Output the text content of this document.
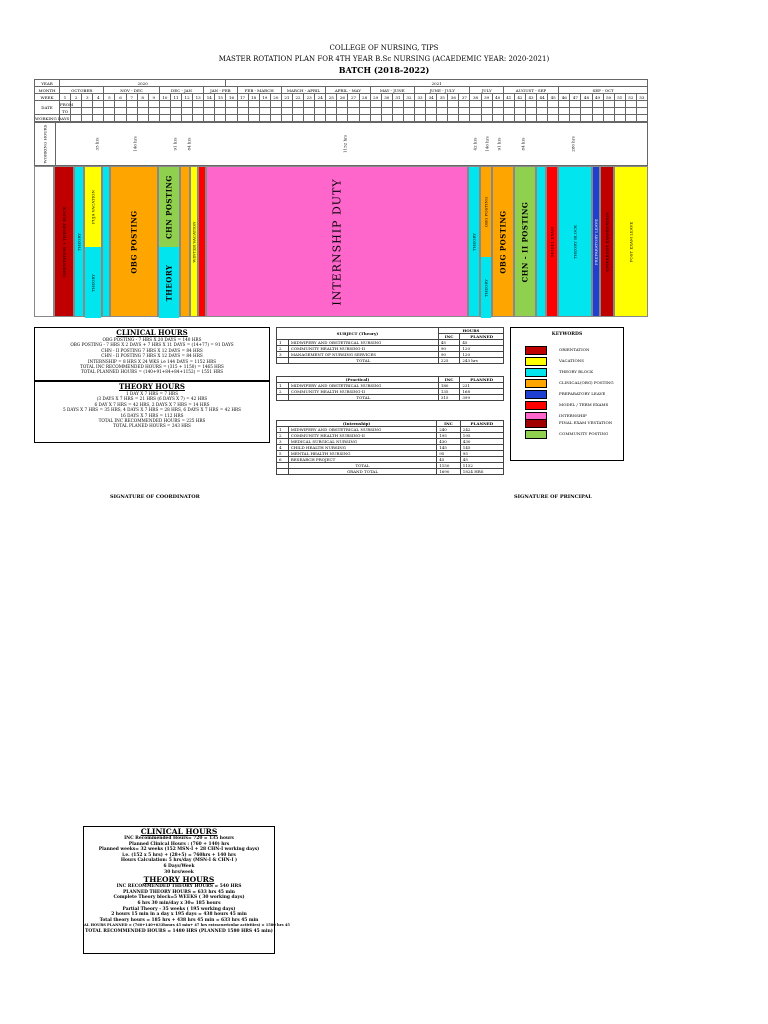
COLLEGE OF NURSING, TIPS
MASTER ROTATION PLAN FOR 4TH YEAR B.Sc NURSING (ACAEDEMIC YEAR: 2020-2021)
BATCH (2018-2022)
YEAR	2020															2021																																					
MONTH	OCTOBER				NOV - DEC					DEC - JAN				JAN - FEB			FEB - MARCH				MARCH - APRIL				APRIL - MAY				MAY - JUNE				JUNE - JULY					JULY			AUGUST - SEP					SEP - OCT							
WEEK	1	2	3	4	5	6	7	8	9	10	11	12	13	14	15	16	17	18	19	20	21	22	23	24	25	26	27	28	29	30	31	32	33	34	35	36	37	38	39	40	41	42	43	44	45	46	47	48	49	50	51	52	53
DATE	FROM																																																				
	TO																																																				
WORKING DAYS																																																					
WORKING HOURS	35 hrs	140 hrs	91 hrs 84 hrs	1152 hrs	42 hrs 140 hrs 91 hrs	84 hrs	280 hrs
ORIENTATION + THEORY BLOCK	THEORY
PUJA VACATION
THEORY
OBG POSTING
CHN POSTING
THEORY
WINTER VACATION	INTERNSHIP DUTY	THEORY
OBG POSTING
THEORY
OBG POSTING CHN - II POSTING	MODEL EXAM	THEORY BLOCK	PREPARATORY LEAVE UNIVERSITY EXAMINATION	POST EXAM LEAVE
CLINICAL HOURS
OBG POSTING - 7 HRS X 20 DAYS = 140 HRS
OBG POSTING - 7 HRS X 2 DAYS + 7 HRS X 11 DAYS = (14+77) = 91 DAYS
CHN - II POSTING 7 HRS X 12 DAYS = 84 HRS
CHN - II POSTING 7 HRS X 12 DAYS = 84 HRS
INTERNSHIP = 8 HRS X 24 WKS i.e 144 DAYS = 1152 HRS
TOTAL INC RECOMMENDED HOURS = (315 + 1150) = 1465 HRS
TOTAL PLANNED HOURS = (140+91+84+84+1152) = 1551 HRS
THEORY HOURS
1 DAY X 7 HRS = 7 HRS
(3 DAYS X 7 HRS = 21 HRS (6 DAYS X 7) = 42 HRS
6 DAY X 7 HRS = 42 HRS, 2 DAYS X 7 HRS = 14 HRS
5 DAYS X 7 HRS = 35 HRS, 4 DAYS X 7 HRS = 28 HRS, 6 DAYS X 7 HRS = 42 HRS
16 DAYS X 7 HRS = 112 HRS
TOTAL INC RECOMMENDED HOURS = 225 HRS
TOTAL PLANED HOURS = 243 HRS
SUBJECT (Theory)		HOURS	
		INC	PLANNED
1	MIDWIFERY AND OBSTETRICAL NURSING	45	45
2	COMMUNITY HEALTH NURSING-II	90	120
3	MANAGEMENT OF NURSING SERVICES	90	120
	TOTAL	225	243 hrs
(Practical)		INC	PLANNED
1	MIDWIFERY AND OBSTETRICAL NURSING	180	231
2	COMMUNITY HEALTH NURSING-II	135	168
	TOTAL	315	399
(Internship)		INC	PLANNED
1	MIDWIFERY AND OBSTETRICAL NURSING	240	242
2	COMMUNITY HEALTH NURSING-II	195	195
3	MEDICAL SURGICAL NURSING	430	430
4	CHILD HEALTH NURSING	145	145
5	MENTAL HEALTH NURSING	95	95
6	RESEARCH PROJECT	45	45
	TOTAL	1150	1152
	GRAND TOTAL	1690	1824 HRS
KEYWORDS
ORIENTATION
VACATIONS
THEORY BLOCK
CLINICAL(OBG) POSTING
PREPARATORY LEAVE
MODEL / TERM EXAMS
INTERNSHIP
FINAL EXAM VESTATION
COMMUNITY POSTING
SIGNATURE OF COORDINATOR	SIGNATURE OF PRINCIPAL
CLINICAL HOURS
INC Recommended Hours= 720 = 135 hours
Planned Clinical Hours : (760 + 140) hrs
Planned weeks= 32 weeks (152 MSN-I + 28 CHN-I working days)
i.e. (152 x 5 hrs) + (28+5) = 760hrs + 140 hrs
Hours Calculation: 5 hrs/day (MSN-I & CHN-I )
6 Days/Week
30 hrs/week
THEORY HOURS
INC RECOMMENDED THEORY HOURS = 540 HRS
PLANNED THEORY HOURS = 633 hrs 45 min
Complete Theory block=5 WEEKS ( 30 working days)
6 hrs 30 min/day x 30= 185 hours
Partial Theory - 35 weeks ( 195 working days)
2 hours 15 min in a day x 195 days = 438 hours 45 min
Total theory hours = 185 hrs + 438 hrs 45 min = 633 hrs 45 min
AL HOURS PLANNED = (760+140+633hours 45 min+ 47 hrs extracurricular activities) = 1580 hrs 45
TOTAL RECOMMENDED HOURS = 1480 HRS (PLANNED 1580 HRS 45 min)
